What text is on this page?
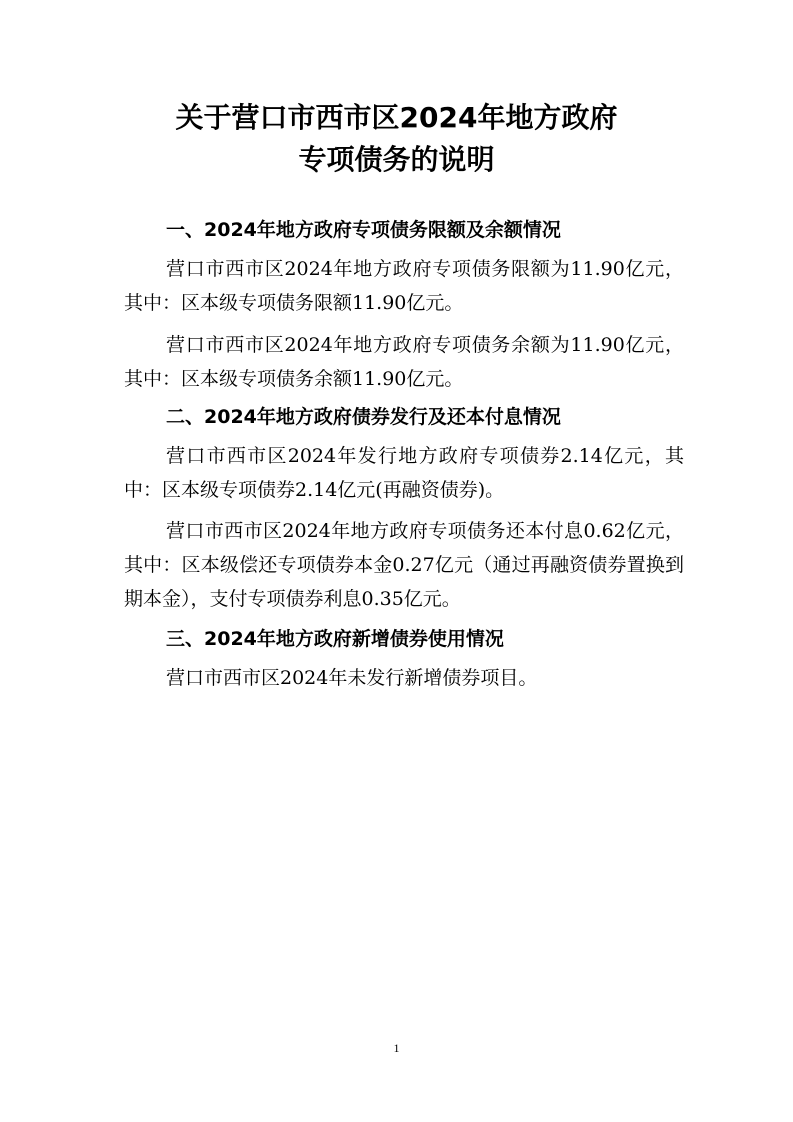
关于营口市西市区2024年地方政府
专项债务的说明
一、2024年地方政府专项债务限额及余额情况
营口市西市区2024年地方政府专项债务限额为11.90亿元，其中：区本级专项债务限额11.90亿元。
营口市西市区2024年地方政府专项债务余额为11.90亿元，其中：区本级专项债务余额11.90亿元。
二、2024年地方政府债券发行及还本付息情况
营口市西市区2024年发行地方政府专项债券2.14亿元，其中：区本级专项债券2.14亿元(再融资债券)。
营口市西市区2024年地方政府专项债务还本付息0.62亿元，其中：区本级偿还专项债券本金0.27亿元（通过再融资债券置换到期本金），支付专项债券利息0.35亿元。
三、2024年地方政府新增债券使用情况
营口市西市区2024年未发行新增债券项目。
1
